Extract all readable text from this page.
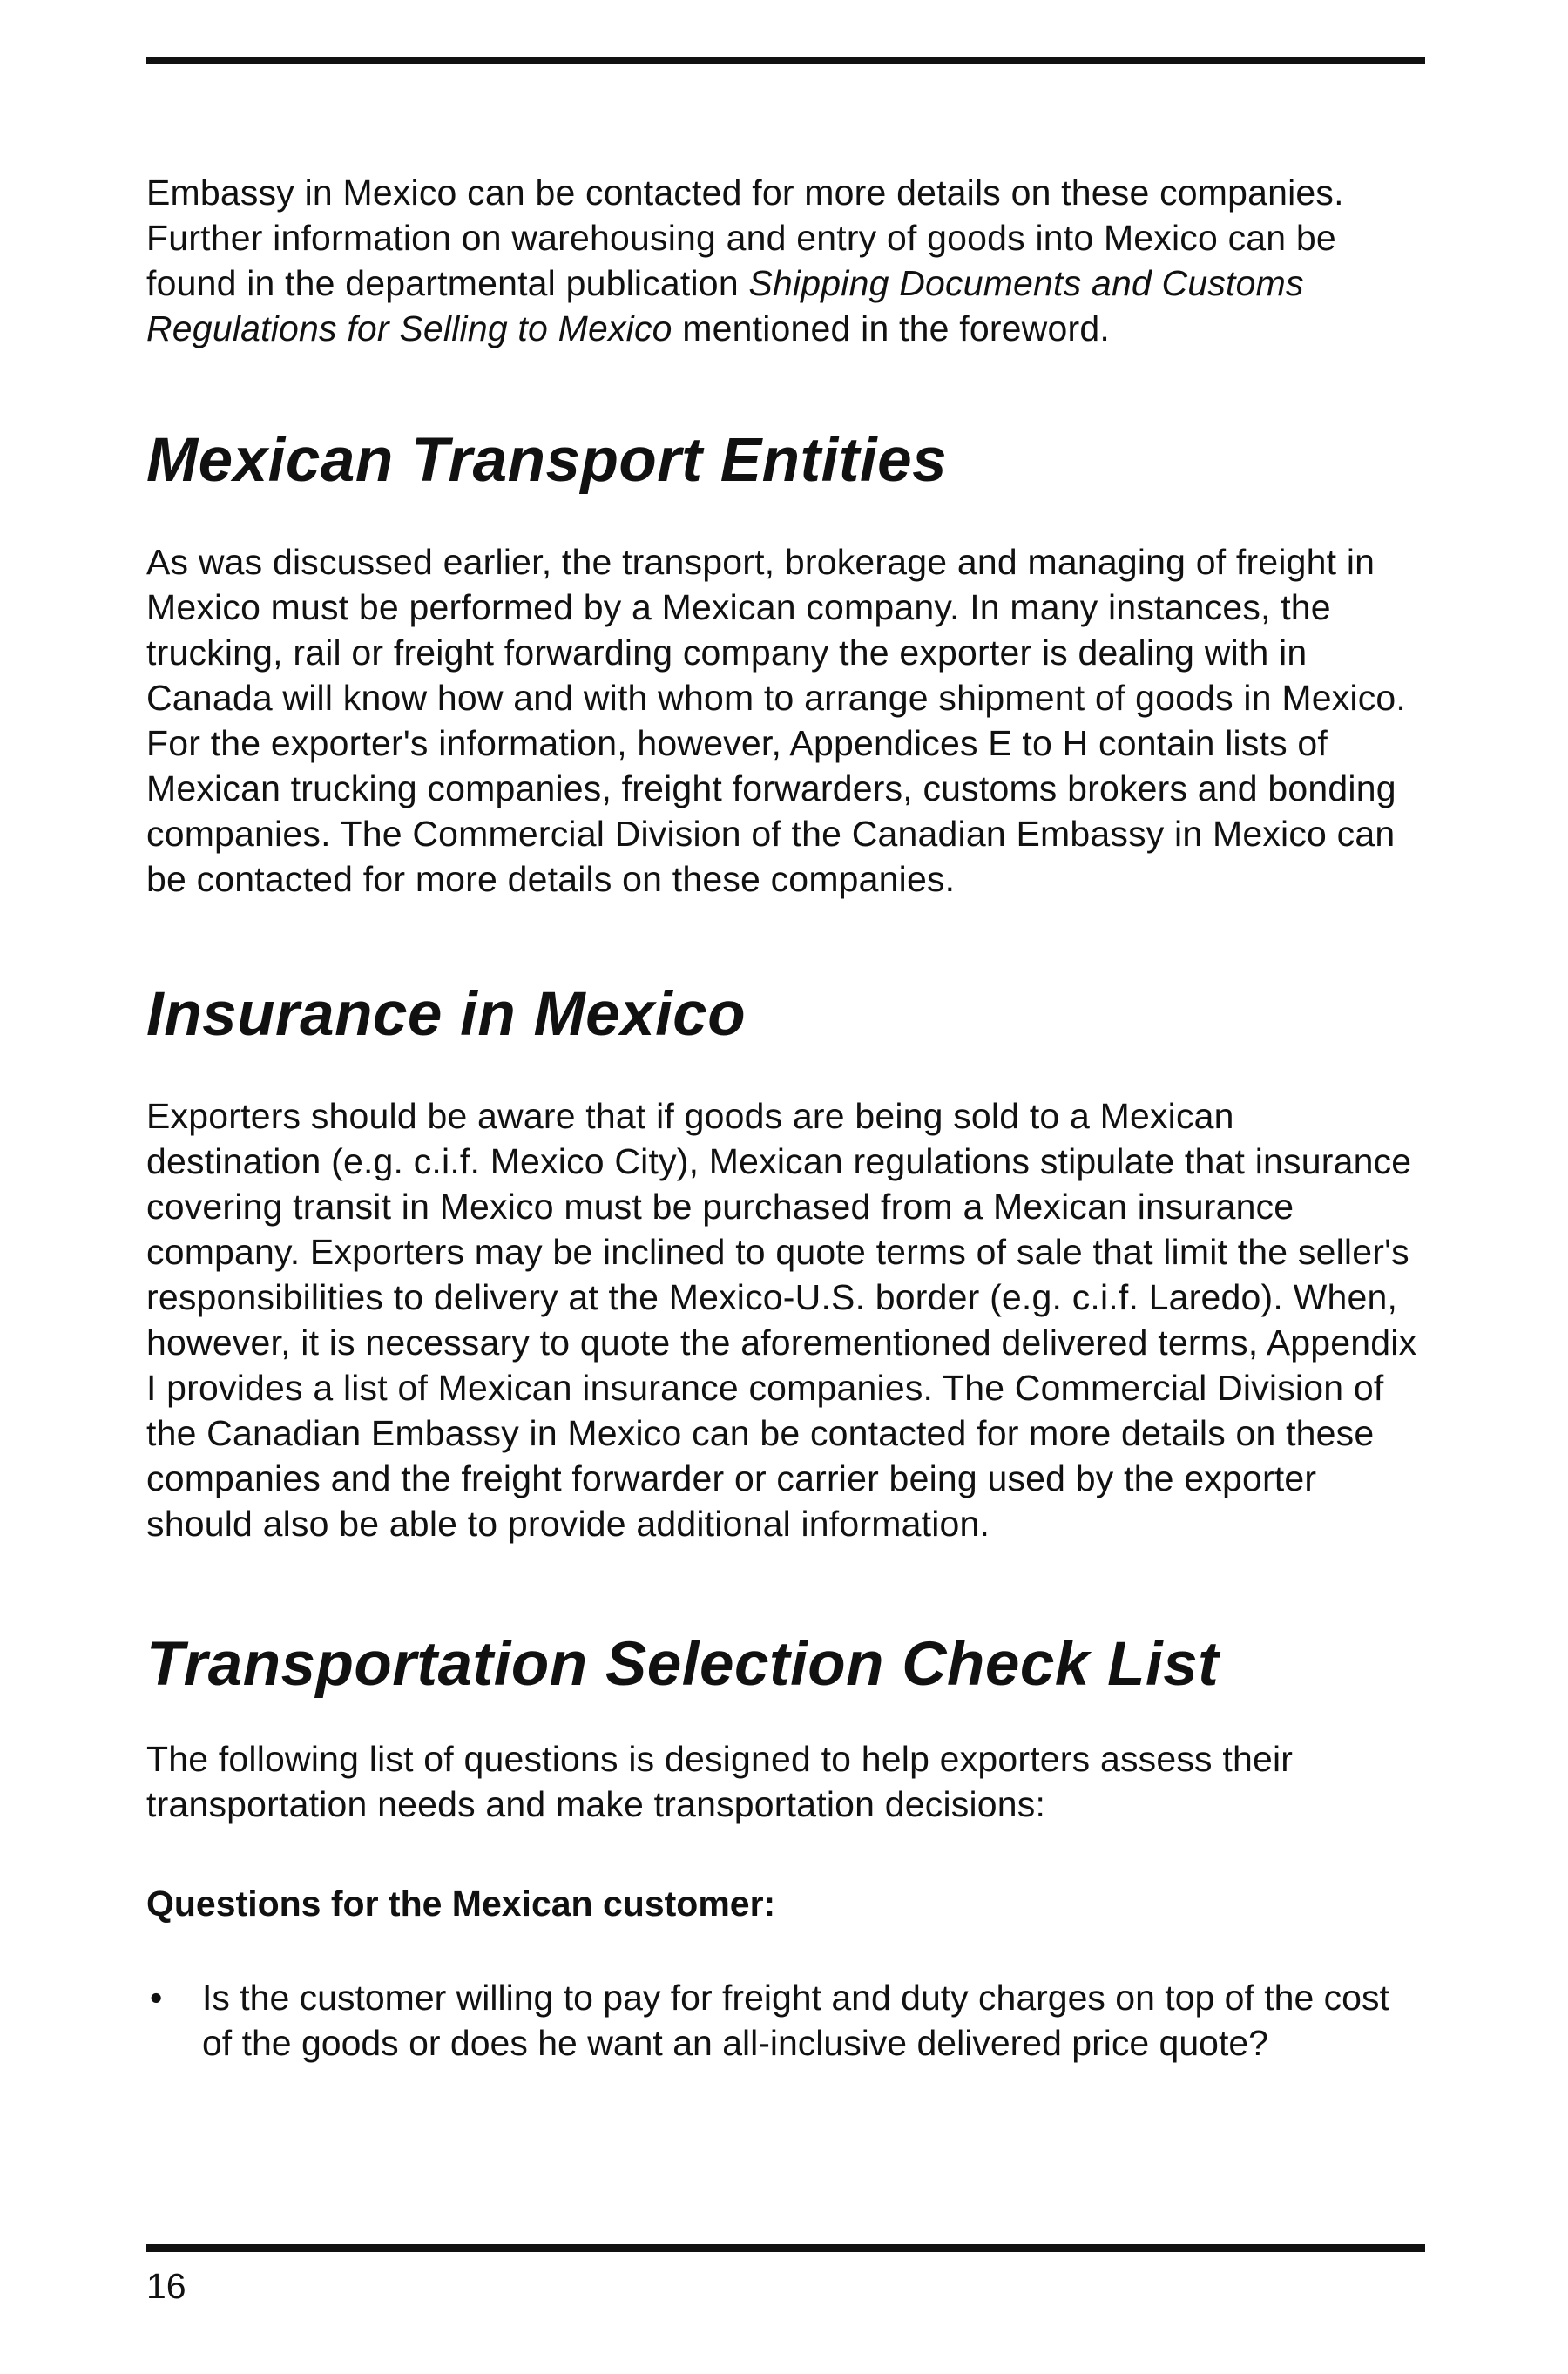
Embassy in Mexico can be contacted for more details on these companies. Further information on warehousing and entry of goods into Mexico can be found in the departmental publication Shipping Documents and Customs Regulations for Selling to Mexico mentioned in the foreword.

Mexican Transport Entities

As was discussed earlier, the transport, brokerage and managing of freight in Mexico must be performed by a Mexican company. In many instances, the trucking, rail or freight forwarding company the exporter is dealing with in Canada will know how and with whom to arrange shipment of goods in Mexico. For the exporter's information, however, Appendices E to H contain lists of Mexican trucking companies, freight forwarders, customs brokers and bonding companies. The Commercial Division of the Canadian Embassy in Mexico can be contacted for more details on these companies.

Insurance in Mexico

Exporters should be aware that if goods are being sold to a Mexican destination (e.g. c.i.f. Mexico City), Mexican regulations stipulate that insurance covering transit in Mexico must be purchased from a Mexican insurance company. Exporters may be inclined to quote terms of sale that limit the seller's responsibilities to delivery at the Mexico-U.S. border (e.g. c.i.f. Laredo). When, however, it is necessary to quote the aforementioned delivered terms, Appendix I provides a list of Mexican insurance companies. The Commercial Division of the Canadian Embassy in Mexico can be contacted for more details on these companies and the freight forwarder or carrier being used by the exporter should also be able to provide additional information.

Transportation Selection Check List

The following list of questions is designed to help exporters assess their transportation needs and make transportation decisions:

Questions for the Mexican customer:

• Is the customer willing to pay for freight and duty charges on top of the cost of the goods or does he want an all-inclusive delivered price quote?

16
